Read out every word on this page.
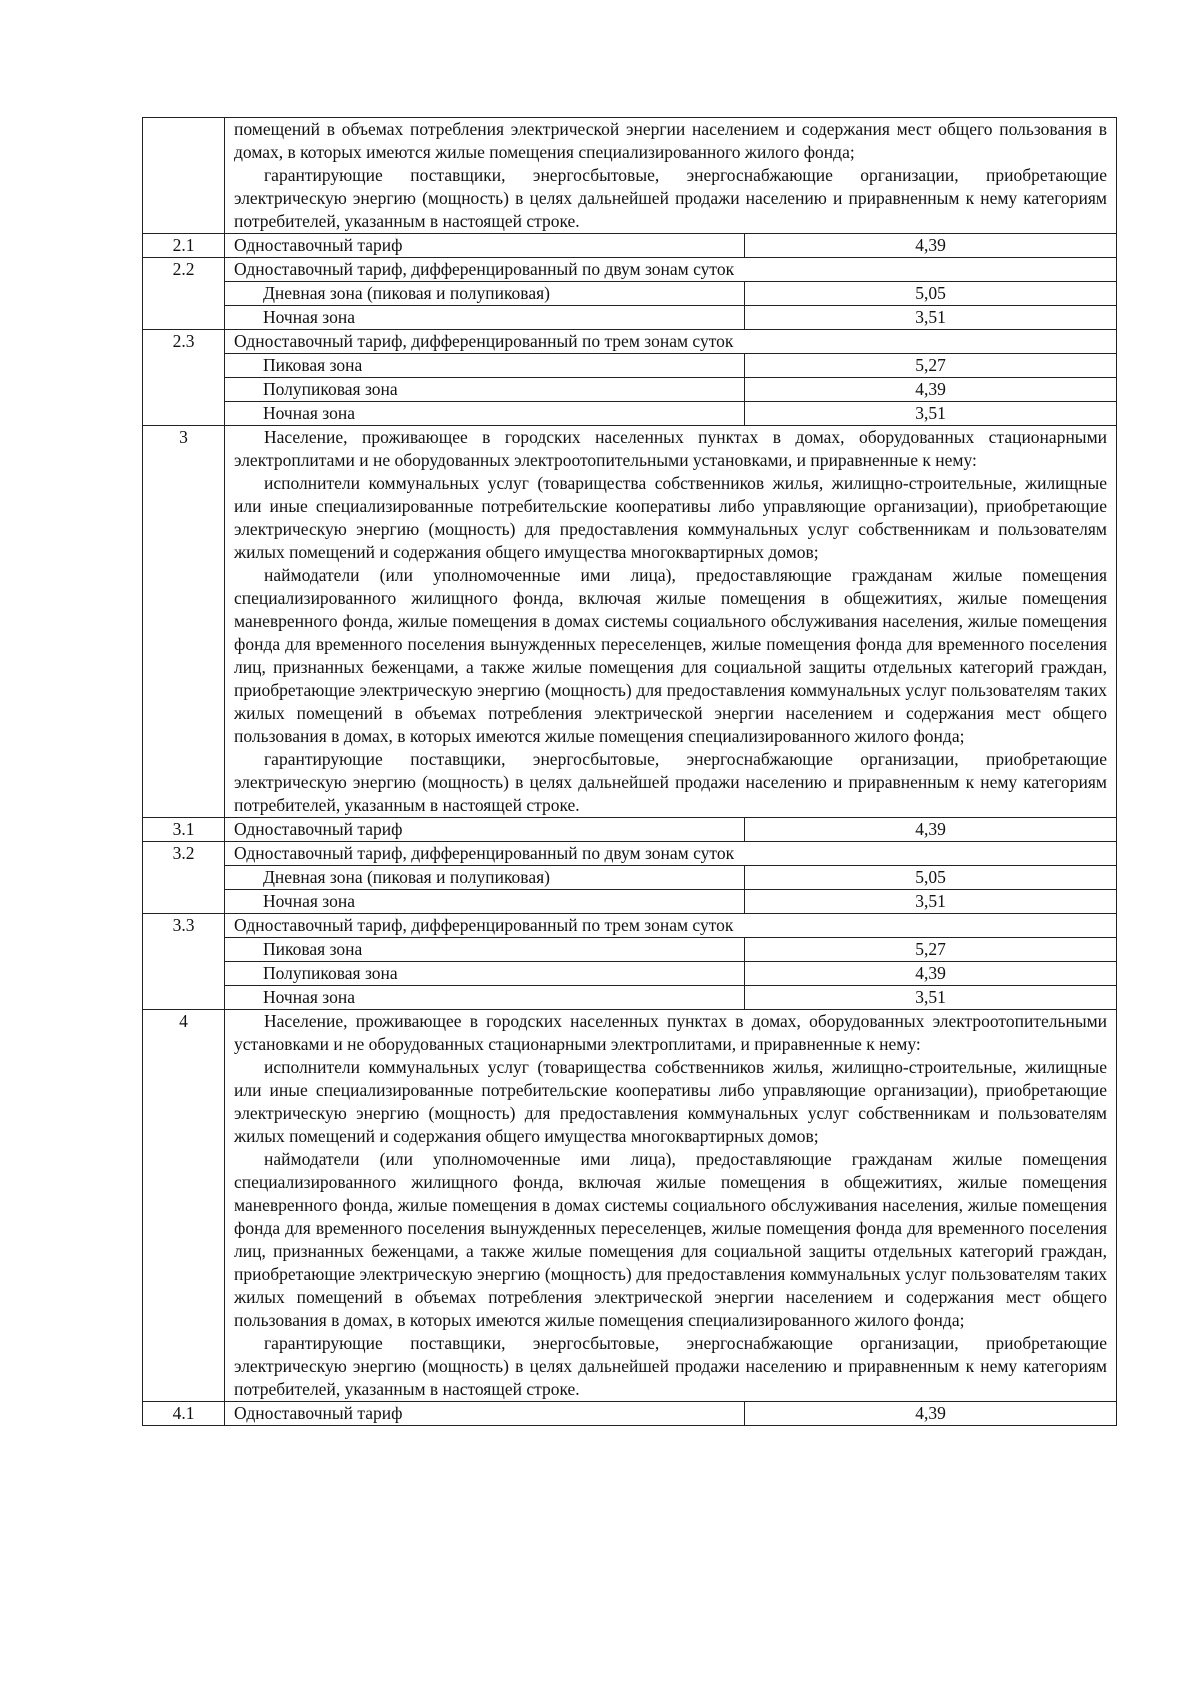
	помещений в объемах потребления электрической энергии населением и содержания мест общего пользования в домах, в которых имеются жилые помещения специализированного жилого фонда;

гарантирующие поставщики, энергосбытовые, энергоснабжающие организации, приобретающие электрическую энергию (мощность) в целях дальнейшей продажи населению и приравненным к нему категориям потребителей, указанным в настоящей строке.	

2.1	Одноставочный тариф	4,39
2.2	Одноставочный тариф, дифференцированный по двум зонам суток	
	Дневная зона (пиковая и полупиковая)	5,05
	Ночная зона	3,51
2.3	Одноставочный тариф, дифференцированный по трем зонам суток	
	Пиковая зона	5,27
	Полупиковая зона	4,39
	Ночная зона	3,51
3	Население, проживающее в городских населенных пунктах в домах, оборудованных стационарными электроплитами и не оборудованных электроотопительными установками, и приравненные к нему:

исполнители коммунальных услуг (товарищества собственников жилья, жилищно-строительные, жилищные или иные специализированные потребительские кооперативы либо управляющие организации), приобретающие электрическую энергию (мощность) для предоставления коммунальных услуг собственникам и пользователям жилых помещений и содержания общего имущества многоквартирных домов;

наймодатели (или уполномоченные ими лица), предоставляющие гражданам жилые помещения специализированного жилищного фонда, включая жилые помещения в общежитиях, жилые помещения маневренного фонда, жилые помещения в домах системы социального обслуживания населения, жилые помещения фонда для временного поселения вынужденных переселенцев, жилые помещения фонда для временного поселения лиц, признанных беженцами, а также жилые помещения для социальной защиты отдельных категорий граждан, приобретающие электрическую энергию (мощность) для предоставления коммунальных услуг пользователям таких жилых помещений в объемах потребления электрической энергии населением и содержания мест общего пользования в домах, в которых имеются жилые помещения специализированного жилого фонда;

гарантирующие поставщики, энергосбытовые, энергоснабжающие организации, приобретающие электрическую энергию (мощность) в целях дальнейшей продажи населению и приравненным к нему категориям потребителей, указанным в настоящей строке.	

3.1	Одноставочный тариф	4,39
3.2	Одноставочный тариф, дифференцированный по двум зонам суток	
	Дневная зона (пиковая и полупиковая)	5,05
	Ночная зона	3,51
3.3	Одноставочный тариф, дифференцированный по трем зонам суток	
	Пиковая зона	5,27
	Полупиковая зона	4,39
	Ночная зона	3,51
4	Население, проживающее в городских населенных пунктах в домах, оборудованных электроотопительными установками и не оборудованных стационарными электроплитами, и приравненные к нему:

исполнители коммунальных услуг (товарищества собственников жилья, жилищно-строительные, жилищные или иные специализированные потребительские кооперативы либо управляющие организации), приобретающие электрическую энергию (мощность) для предоставления коммунальных услуг собственникам и пользователям жилых помещений и содержания общего имущества многоквартирных домов;

наймодатели (или уполномоченные ими лица), предоставляющие гражданам жилые помещения специализированного жилищного фонда, включая жилые помещения в общежитиях, жилые помещения маневренного фонда, жилые помещения в домах системы социального обслуживания населения, жилые помещения фонда для временного поселения вынужденных переселенцев, жилые помещения фонда для временного поселения лиц, признанных беженцами, а также жилые помещения для социальной защиты отдельных категорий граждан, приобретающие электрическую энергию (мощность) для предоставления коммунальных услуг пользователям таких жилых помещений в объемах потребления электрической энергии населением и содержания мест общего пользования в домах, в которых имеются жилые помещения специализированного жилого фонда;

гарантирующие поставщики, энергосбытовые, энергоснабжающие организации, приобретающие электрическую энергию (мощность) в целях дальнейшей продажи населению и приравненным к нему категориям потребителей, указанным в настоящей строке.	

4.1	Одноставочный тариф	4,39
